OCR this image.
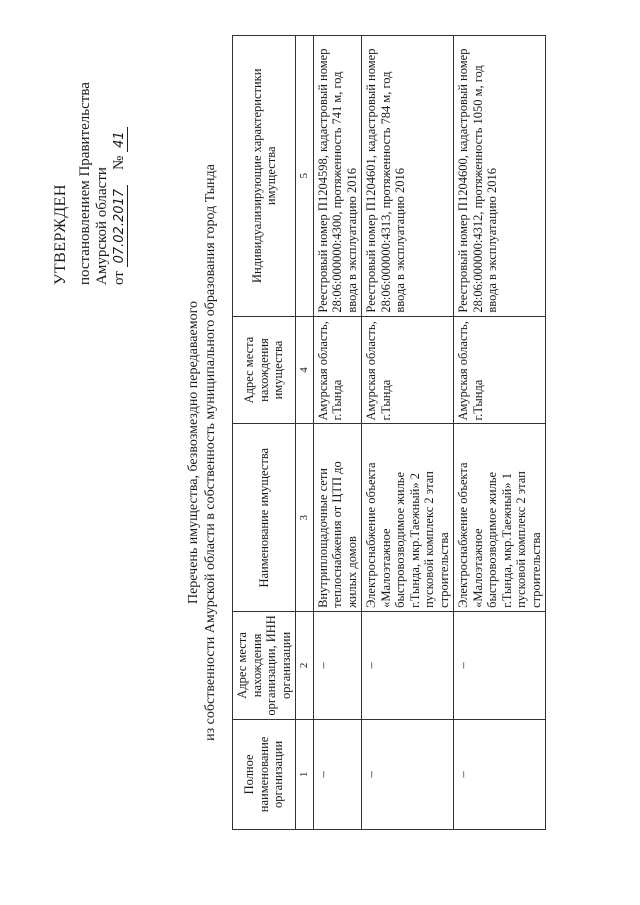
УТВЕРЖДЕН постановлением Правительства Амурской области от 07.02.2017    № 41
Перечень имущества, безвозмездно передаваемого из собственности Амурской области в собственность муниципального образования город Тында
Полное наименование организации	Адрес места нахождения организации, ИНН организации	Наименование имущества	Адрес места нахождения имущества	Индивидуализирующие характеристики имущества
1	2	3	4	5

–	–	Внутриплощадочные сети теплоснабжения от ЦТП до жилых домов	Амурская область, г.Тында	Реестровый номер П1204598, кадастровый номер 28:06:000000:4300, протяженность 741 м, год ввода в эксплуатацию 2016

–	–	Электроснабжение объекта «Малоэтажное быстровозводимое жилье г.Тында, мкр.Таежный» 2 пусковой комплекс 2 этап строительства	Амурская область, г.Тында	Реестровый номер П1204601, кадастровый номер 28:06:000000:4313, протяженность 784 м, год ввода в эксплуатацию 2016

–	–	Электроснабжение объекта «Малоэтажное быстровозводимое жилье г.Тында, мкр.Таежный» 1 пусковой комплекс 2 этап строительства	Амурская область, г.Тында	Реестровый номер П1204600, кадастровый номер 28:06:000000:4312, протяженность 1050 м, год ввода в эксплуатацию 2016
